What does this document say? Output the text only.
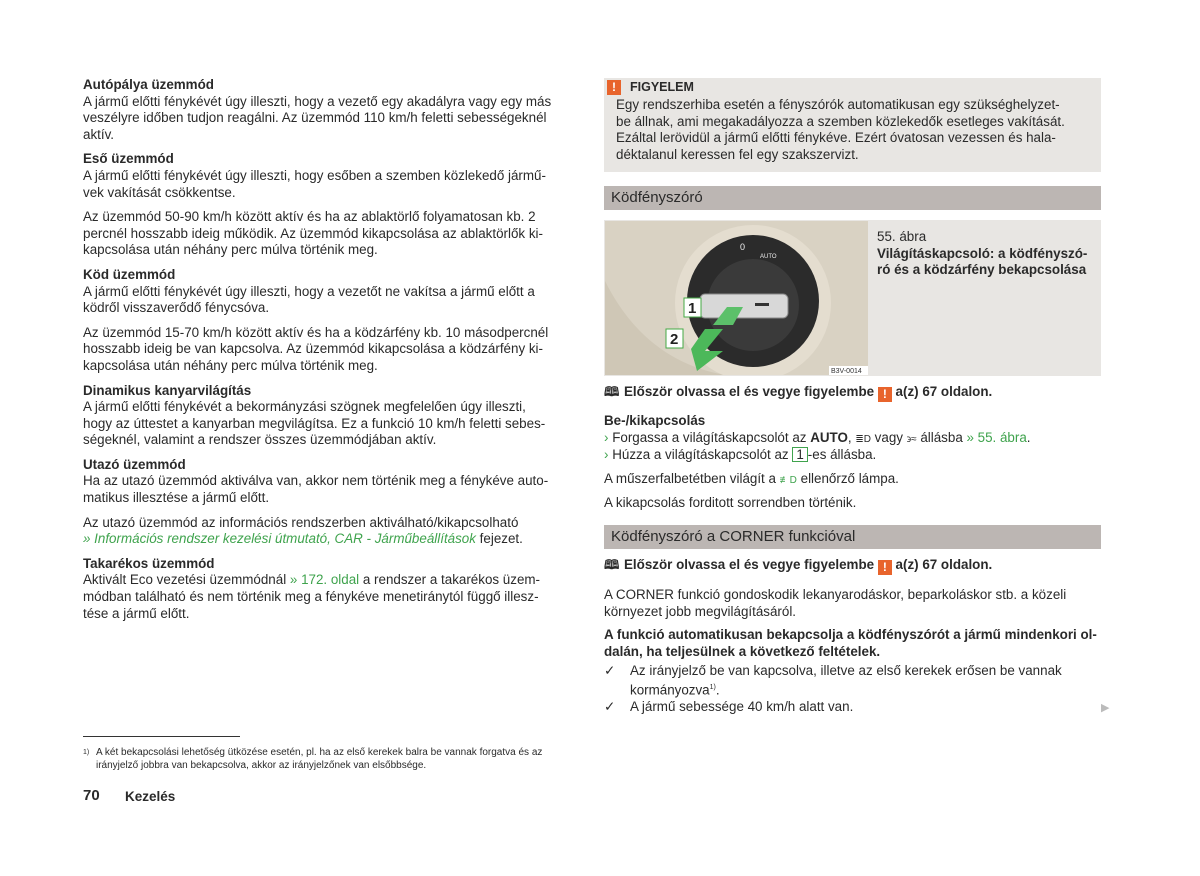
Autópálya üzemmód
A jármű előtti fénykévét úgy illeszti, hogy a vezető egy akadályra vagy egy más
veszélyre időben tudjon reagálni. Az üzemmód 110 km/h feletti sebességeknél
aktív.

Eső üzemmód
A jármű előtti fénykévét úgy illeszti, hogy esőben a szemben közlekedő jármű-
vek vakítását csökkentse.

Az üzemmód 50-90 km/h között aktív és ha az ablaktörlő folyamatosan kb. 2
percnél hosszabb ideig működik. Az üzemmód kikapcsolása az ablaktörlők ki-
kapcsolása után néhány perc múlva történik meg.

Köd üzemmód
A jármű előtti fénykévét úgy illeszti, hogy a vezetőt ne vakítsa a jármű előtt a
ködről visszaverődő fénycsóva.

Az üzemmód 15-70 km/h között aktív és ha a ködzárfény kb. 10 másodpercnél
hosszabb ideig be van kapcsolva. Az üzemmód kikapcsolása a ködzárfény ki-
kapcsolása után néhány perc múlva történik meg.

Dinamikus kanyarvilágítás
A jármű előtti fénykévét a bekormányzási szögnek megfelelően úgy illeszti,
hogy az úttestet a kanyarban megvilágítsa. Ez a funkció 10 km/h feletti sebes-
ségeknél, valamint a rendszer összes üzemmódjában aktív.

Utazó üzemmód
Ha az utazó üzemmód aktiválva van, akkor nem történik meg a fénykéve auto-
matikus illesztése a jármű előtt.

Az utazó üzemmód az információs rendszerben aktiválható/kikapcsolható
» Információs rendszer kezelési útmutató, CAR - Járműbeállítások fejezet.

Takarékos üzemmód
Aktivált Eco vezetési üzemmódnál » 172. oldal a rendszer a takarékos üzem-
módban található és nem történik meg a fénykéve menetiránytól függő illesz-
tése a jármű előtt.

!	FIGYELEM
Egy rendszerhiba esetén a fényszórók automatikusan egy szükséghelyzet-
be állnak, ami megakadályozza a szemben közlekedők esetleges vakítását.
Ezáltal lerövidül a jármű előtti fénykéve. Ezért óvatosan vezessen és hala-
déktalanul keressen fel egy szakszervizt.
Ködfényszóró
0
AUTO
1
2
B3V-0014
55. ábra
Világításkapcsoló: a ködfényszó-
ró és a ködzárfény bekapcsolása
🕮 Először olvassa el és vegye figyelembe ! a(z) 67 oldalon.
Be-/kikapcsolás
› Forgassa a világításkapcsolót az AUTO, ≣D vagy ϶≈ állásba » 55. ábra.
› Húzza a világításkapcsolót az 1 -es állásba.
A műszerfalbetétben világít a ≢D ellenőrző lámpa.
A kikapcsolás forditott sorrendben történik.
Ködfényszóró a CORNER funkcióval
🕮 Először olvassa el és vegye figyelembe ! a(z) 67 oldalon.
A CORNER funkció gondoskodik lekanyarodáskor, beparkoláskor stb. a közeli
környezet jobb megvilágításáról.
A funkció automatikusan bekapcsolja a ködfényszórót a jármű mindenkori ol-
dalán, ha teljesülnek a következő feltételek.
✓	Az irányjelző be van kapcsolva, illetve az első kerekek erősen be vannak
kormányozva$^{1)}$.
✓ A jármű sebessége 40 km/h alatt van.	▶
1) A két bekapcsolási lehetőség ütközése esetén, pl. ha az első kerekek balra be vannak forgatva és az
irányjelző jobbra van bekapcsolva, akkor az irányjelzőnek van elsőbbsége.
70 Kezelés
